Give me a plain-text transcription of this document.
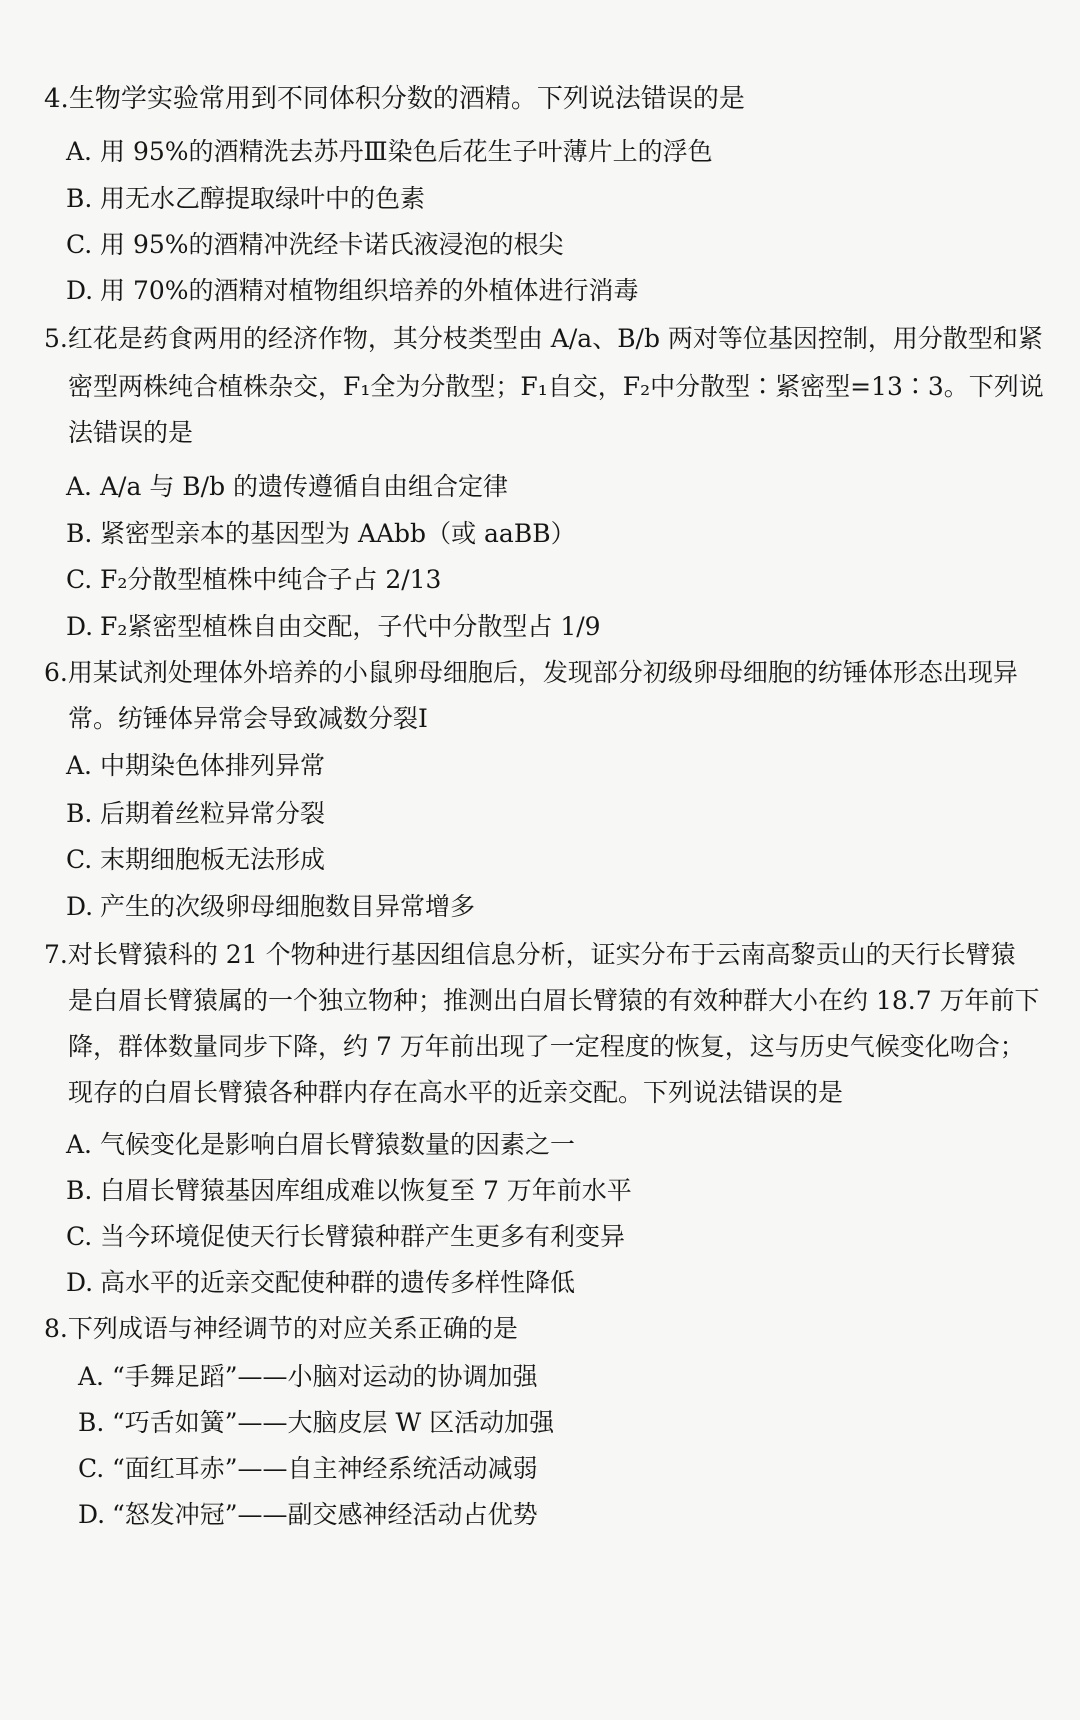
4.生物学实验常用到不同体积分数的酒精。下列说法错误的是

A. 用 95%的酒精洗去苏丹Ⅲ染色后花生子叶薄片上的浮色

B. 用无水乙醇提取绿叶中的色素

C. 用 95%的酒精冲洗经卡诺氏液浸泡的根尖

D. 用 70%的酒精对植物组织培养的外植体进行消毒

5.红花是药食两用的经济作物，其分枝类型由 A/a、B/b 两对等位基因控制，用分散型和紧

密型两株纯合植株杂交，F₁全为分散型；F₁自交，F₂中分散型∶紧密型=13∶3。下列说

法错误的是

A. A/a 与 B/b 的遗传遵循自由组合定律

B. 紧密型亲本的基因型为 AAbb（或 aaBB）

C. F₂分散型植株中纯合子占 2/13

D. F₂紧密型植株自由交配，子代中分散型占 1/9

6.用某试剂处理体外培养的小鼠卵母细胞后，发现部分初级卵母细胞的纺锤体形态出现异

常。纺锤体异常会导致减数分裂Ⅰ

A. 中期染色体排列异常

B. 后期着丝粒异常分裂

C. 末期细胞板无法形成

D. 产生的次级卵母细胞数目异常增多

7.对长臂猿科的 21 个物种进行基因组信息分析，证实分布于云南高黎贡山的天行长臂猿

是白眉长臂猿属的一个独立物种；推测出白眉长臂猿的有效种群大小在约 18.7 万年前下

降，群体数量同步下降，约 7 万年前出现了一定程度的恢复，这与历史气候变化吻合；

现存的白眉长臂猿各种群内存在高水平的近亲交配。下列说法错误的是

A. 气候变化是影响白眉长臂猿数量的因素之一

B. 白眉长臂猿基因库组成难以恢复至 7 万年前水平

C. 当今环境促使天行长臂猿种群产生更多有利变异

D. 高水平的近亲交配使种群的遗传多样性降低

8.下列成语与神经调节的对应关系正确的是

A. “手舞足蹈”——小脑对运动的协调加强

B. “巧舌如簧”——大脑皮层 W 区活动加强

C. “面红耳赤”——自主神经系统活动减弱

D. “怒发冲冠”——副交感神经活动占优势
